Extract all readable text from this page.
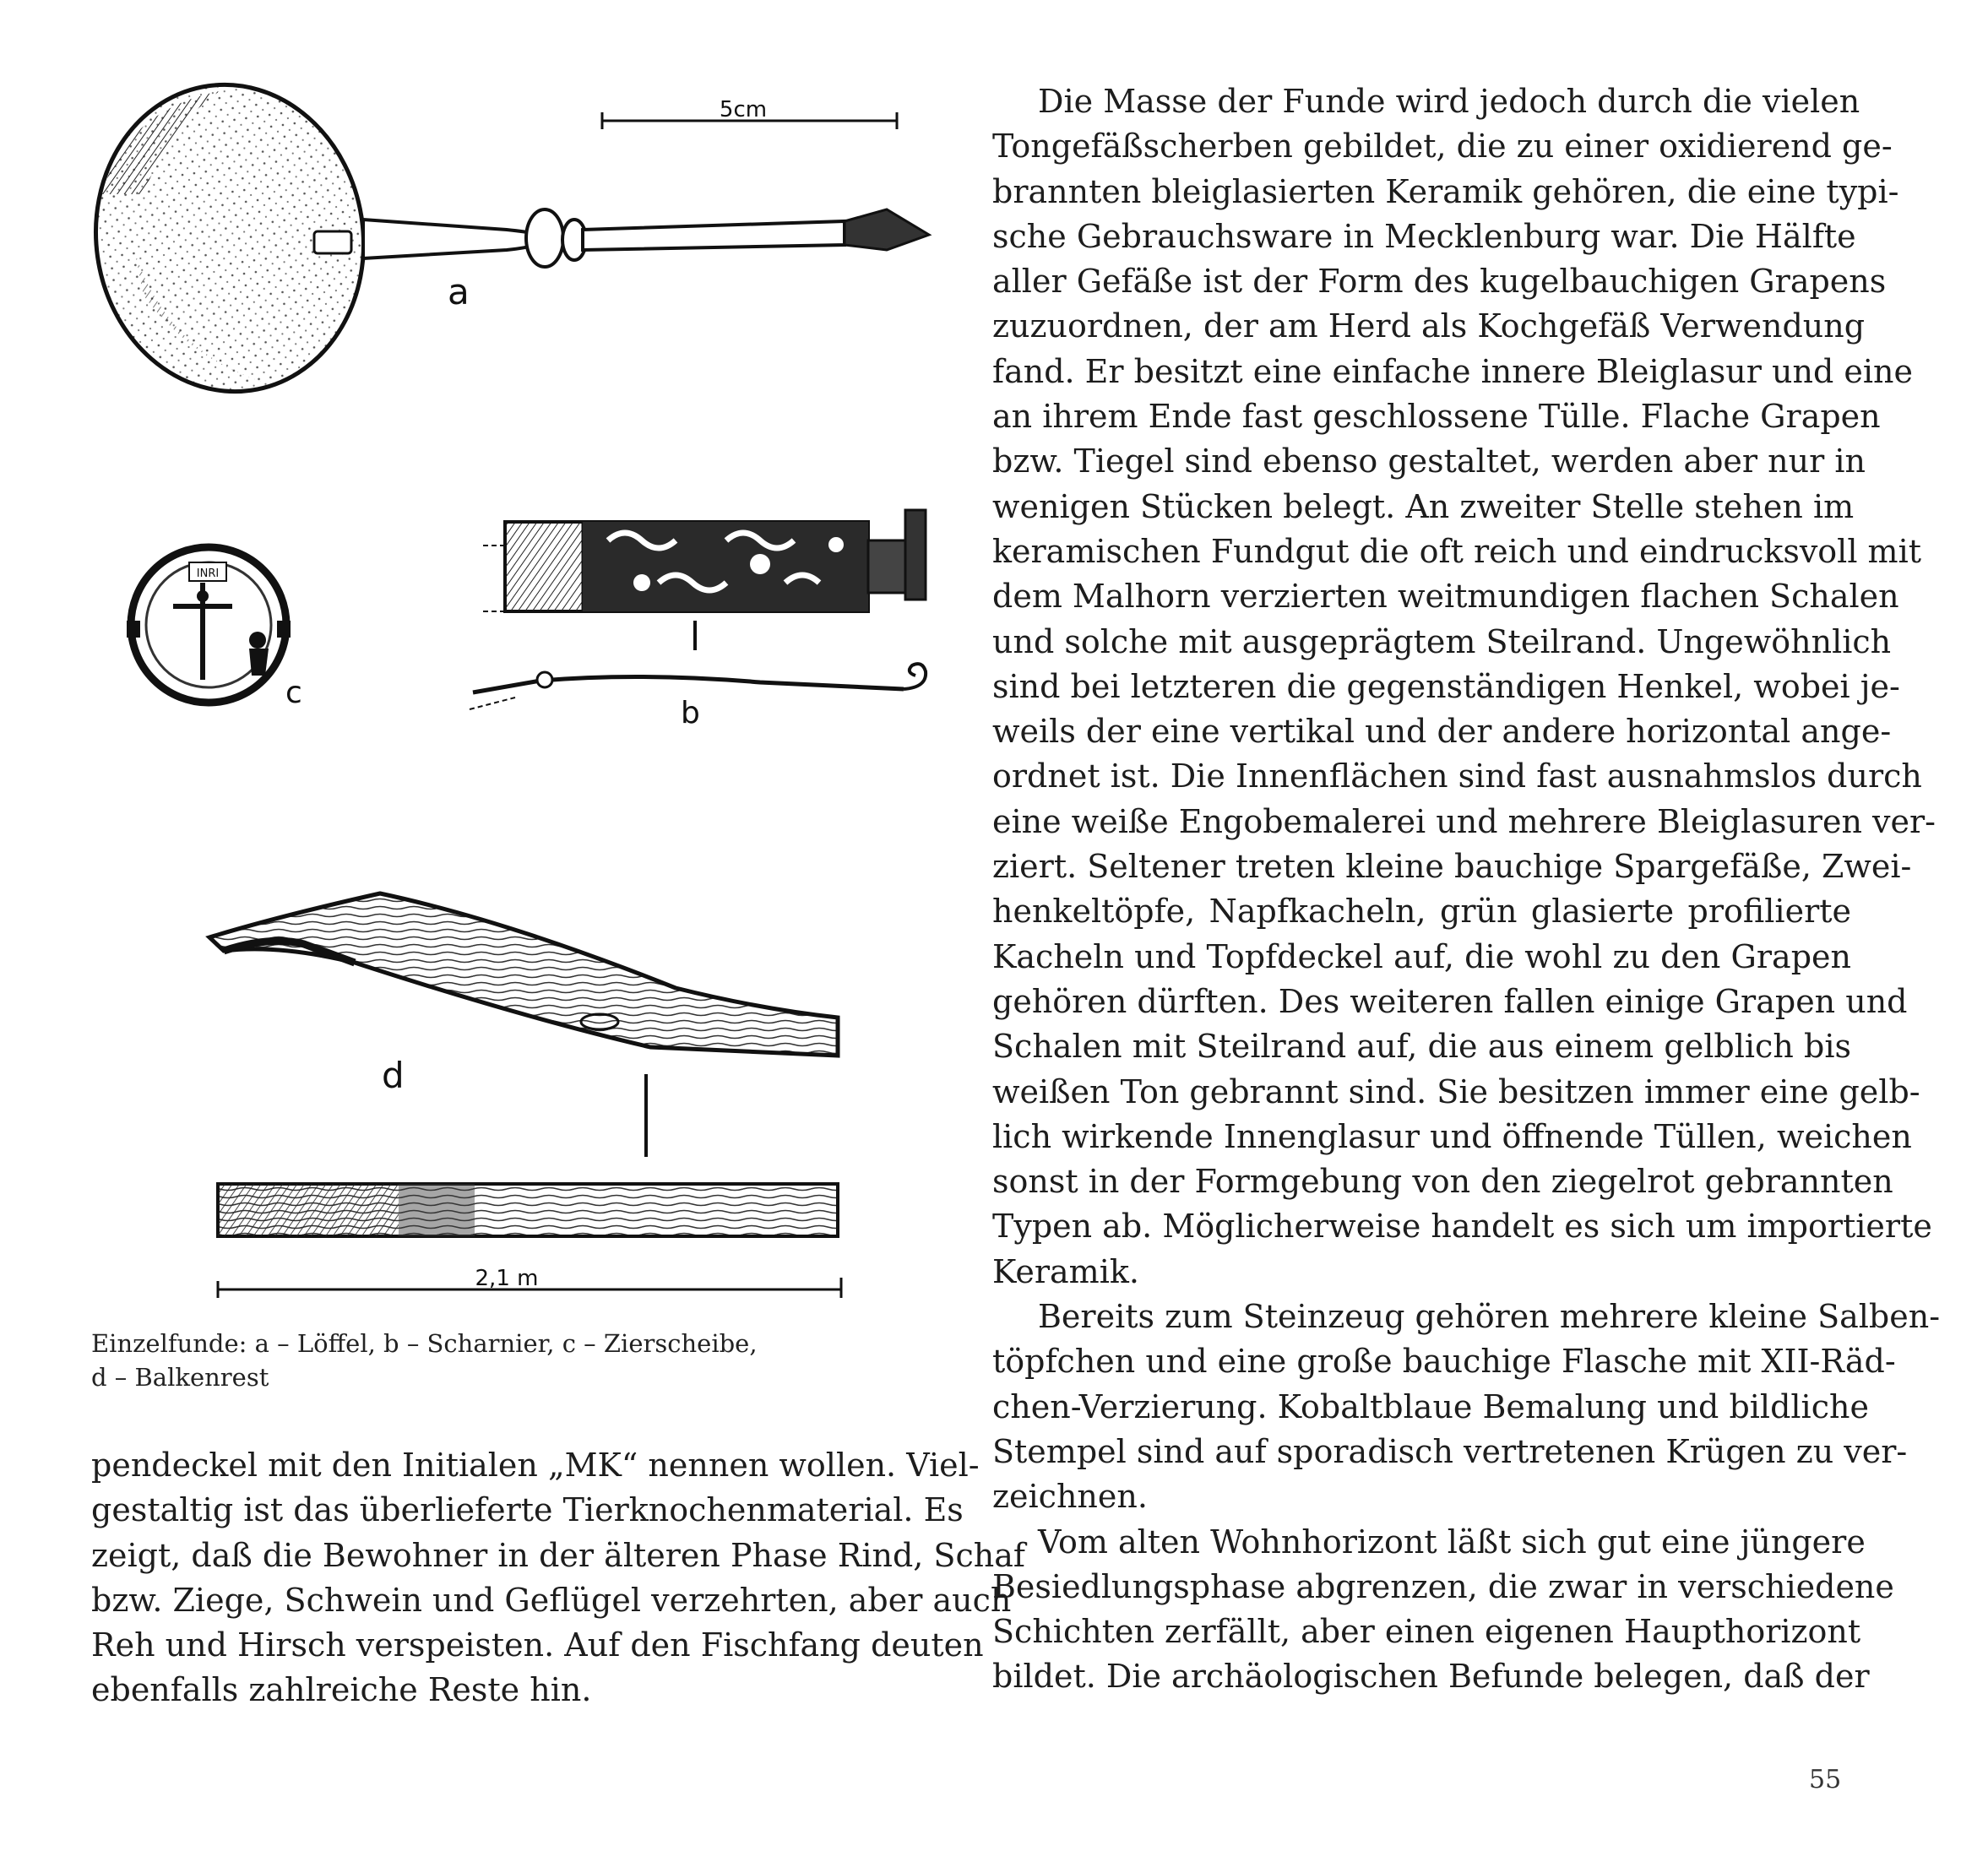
5cm
a
INRI
c
b
d
2,1 m
Einzelfunde: a – Löffel, b – Scharnier, c – Zierscheibe,
d – Balkenrest
pendeckel mit den Initialen „MK“ nennen wollen. Viel-
gestaltig ist das überlieferte Tierknochenmaterial. Es
zeigt, daß die Bewohner in der älteren Phase Rind, Schaf
bzw. Ziege, Schwein und Geflügel verzehrten, aber auch
Reh und Hirsch verspeisten. Auf den Fischfang deuten
ebenfalls zahlreiche Reste hin.
Die Masse der Funde wird jedoch durch die vielen
Tongefäßscherben gebildet, die zu einer oxidierend ge-
brannten bleiglasierten Keramik gehören, die eine typi-
sche Gebrauchsware in Mecklenburg war. Die Hälfte
aller Gefäße ist der Form des kugelbauchigen Grapens
zuzuordnen, der am Herd als Kochgefäß Verwendung
fand. Er besitzt eine einfache innere Bleiglasur und eine
an ihrem Ende fast geschlossene Tülle. Flache Grapen
bzw. Tiegel sind ebenso gestaltet, werden aber nur in
wenigen Stücken belegt. An zweiter Stelle stehen im
keramischen Fundgut die oft reich und eindrucksvoll mit
dem Malhorn verzierten weitmundigen flachen Schalen
und solche mit ausgeprägtem Steilrand. Ungewöhnlich
sind bei letzteren die gegenständigen Henkel, wobei je-
weils der eine vertikal und der andere horizontal ange-
ordnet ist. Die Innenflächen sind fast ausnahmslos durch
eine weiße Engobemalerei und mehrere Bleiglasuren ver-
ziert. Seltener treten kleine bauchige Spargefäße, Zwei-
henkeltöpfe, Napfkacheln, grün glasierte profilierte
Kacheln und Topfdeckel auf, die wohl zu den Grapen
gehören dürften. Des weiteren fallen einige Grapen und
Schalen mit Steilrand auf, die aus einem gelblich bis
weißen Ton gebrannt sind. Sie besitzen immer eine gelb-
lich wirkende Innenglasur und öffnende Tüllen, weichen
sonst in der Formgebung von den ziegelrot gebrannten
Typen ab. Möglicherweise handelt es sich um importierte
Keramik.
Bereits zum Steinzeug gehören mehrere kleine Salben-
töpfchen und eine große bauchige Flasche mit XII-Räd-
chen-Verzierung. Kobaltblaue Bemalung und bildliche
Stempel sind auf sporadisch vertretenen Krügen zu ver-
zeichnen.
Vom alten Wohnhorizont läßt sich gut eine jüngere
Besiedlungsphase abgrenzen, die zwar in verschiedene
Schichten zerfällt, aber einen eigenen Haupthorizont
bildet. Die archäologischen Befunde belegen, daß der
55
